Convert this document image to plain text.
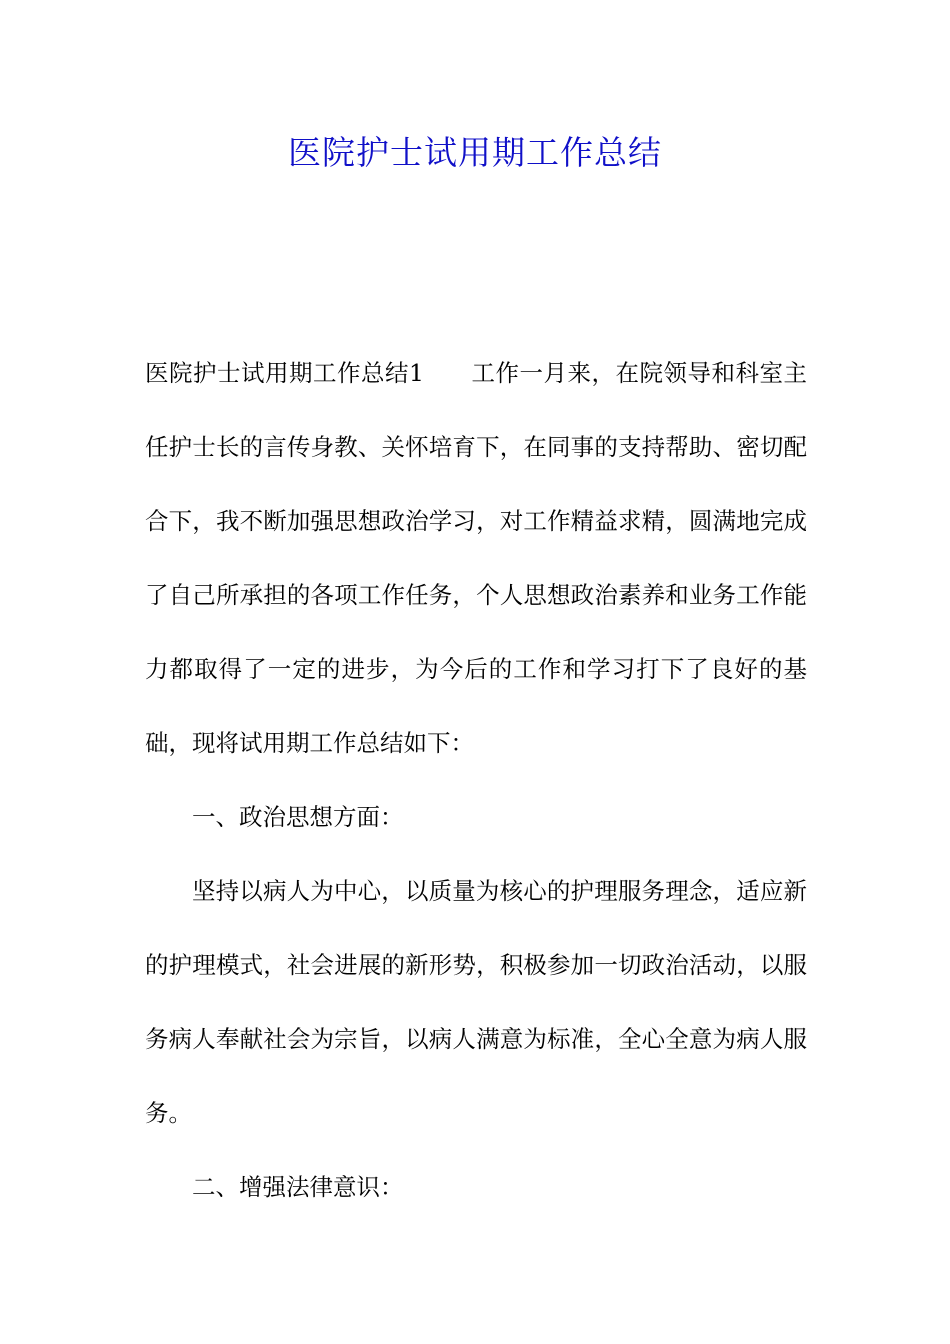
医院护士试用期工作总结

医院护士试用期工作总结1 工作一月来，在院领导和科室主任护士长的言传身教、关怀培育下，在同事的支持帮助、密切配合下，我不断加强思想政治学习，对工作精益求精，圆满地完成了自己所承担的各项工作任务，个人思想政治素养和业务工作能力都取得了一定的进步，为今后的工作和学习打下了良好的基础，现将试用期工作总结如下：

一、政治思想方面：

坚持以病人为中心，以质量为核心的护理服务理念，适应新的护理模式，社会进展的新形势，积极参加一切政治活动，以服务病人奉献社会为宗旨，以病人满意为标准，全心全意为病人服务。

二、增强法律意识：
